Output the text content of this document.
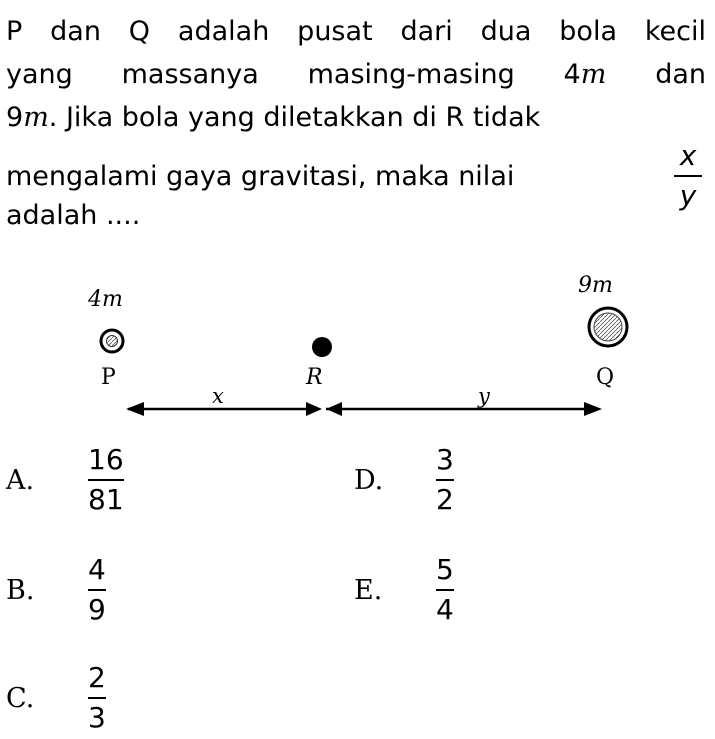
P dan Q adalah pusat dari dua bola kecil
yang massanya masing-masing 4m dan
9m. Jika bola yang diletakkan di R tidak
mengalami gaya gravitasi, maka nilai
adalah ....
x
y
4m
9m
P
x
R
y
Q
A.	$\frac{16}{81}$
B.	$\frac{4}{9}$
C.	$\frac{2}{3}$
D.	$\frac{3}{2}$
E.	$\frac{5}{4}$
